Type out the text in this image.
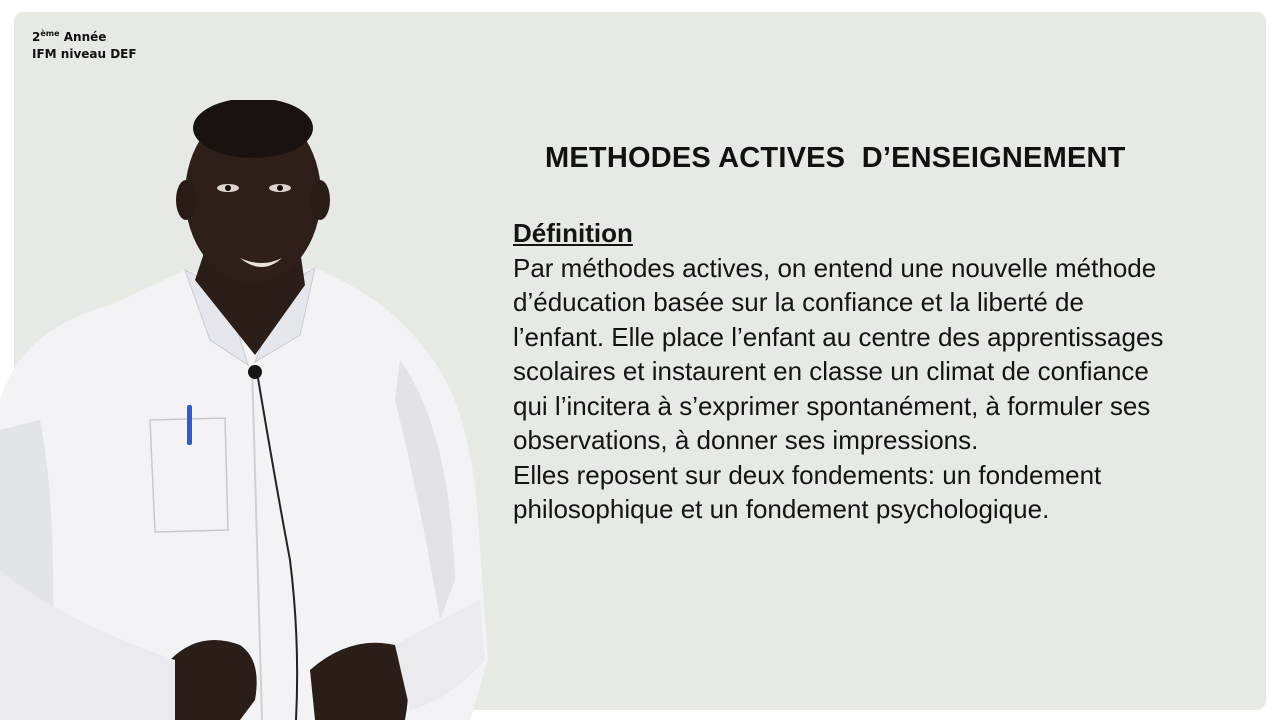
2ème Année
IFM niveau DEF
METHODES ACTIVES  D’ENSEIGNEMENT
Définition
Par méthodes actives, on entend une nouvelle méthode
d’éducation basée sur la confiance et la liberté de
l’enfant. Elle place l’enfant au centre des apprentissages
scolaires et instaurent en classe un climat de confiance
qui l’incitera à s’exprimer spontanément, à formuler ses
observations, à donner ses impressions.
Elles reposent sur deux fondements: un fondement
philosophique et un fondement psychologique.
